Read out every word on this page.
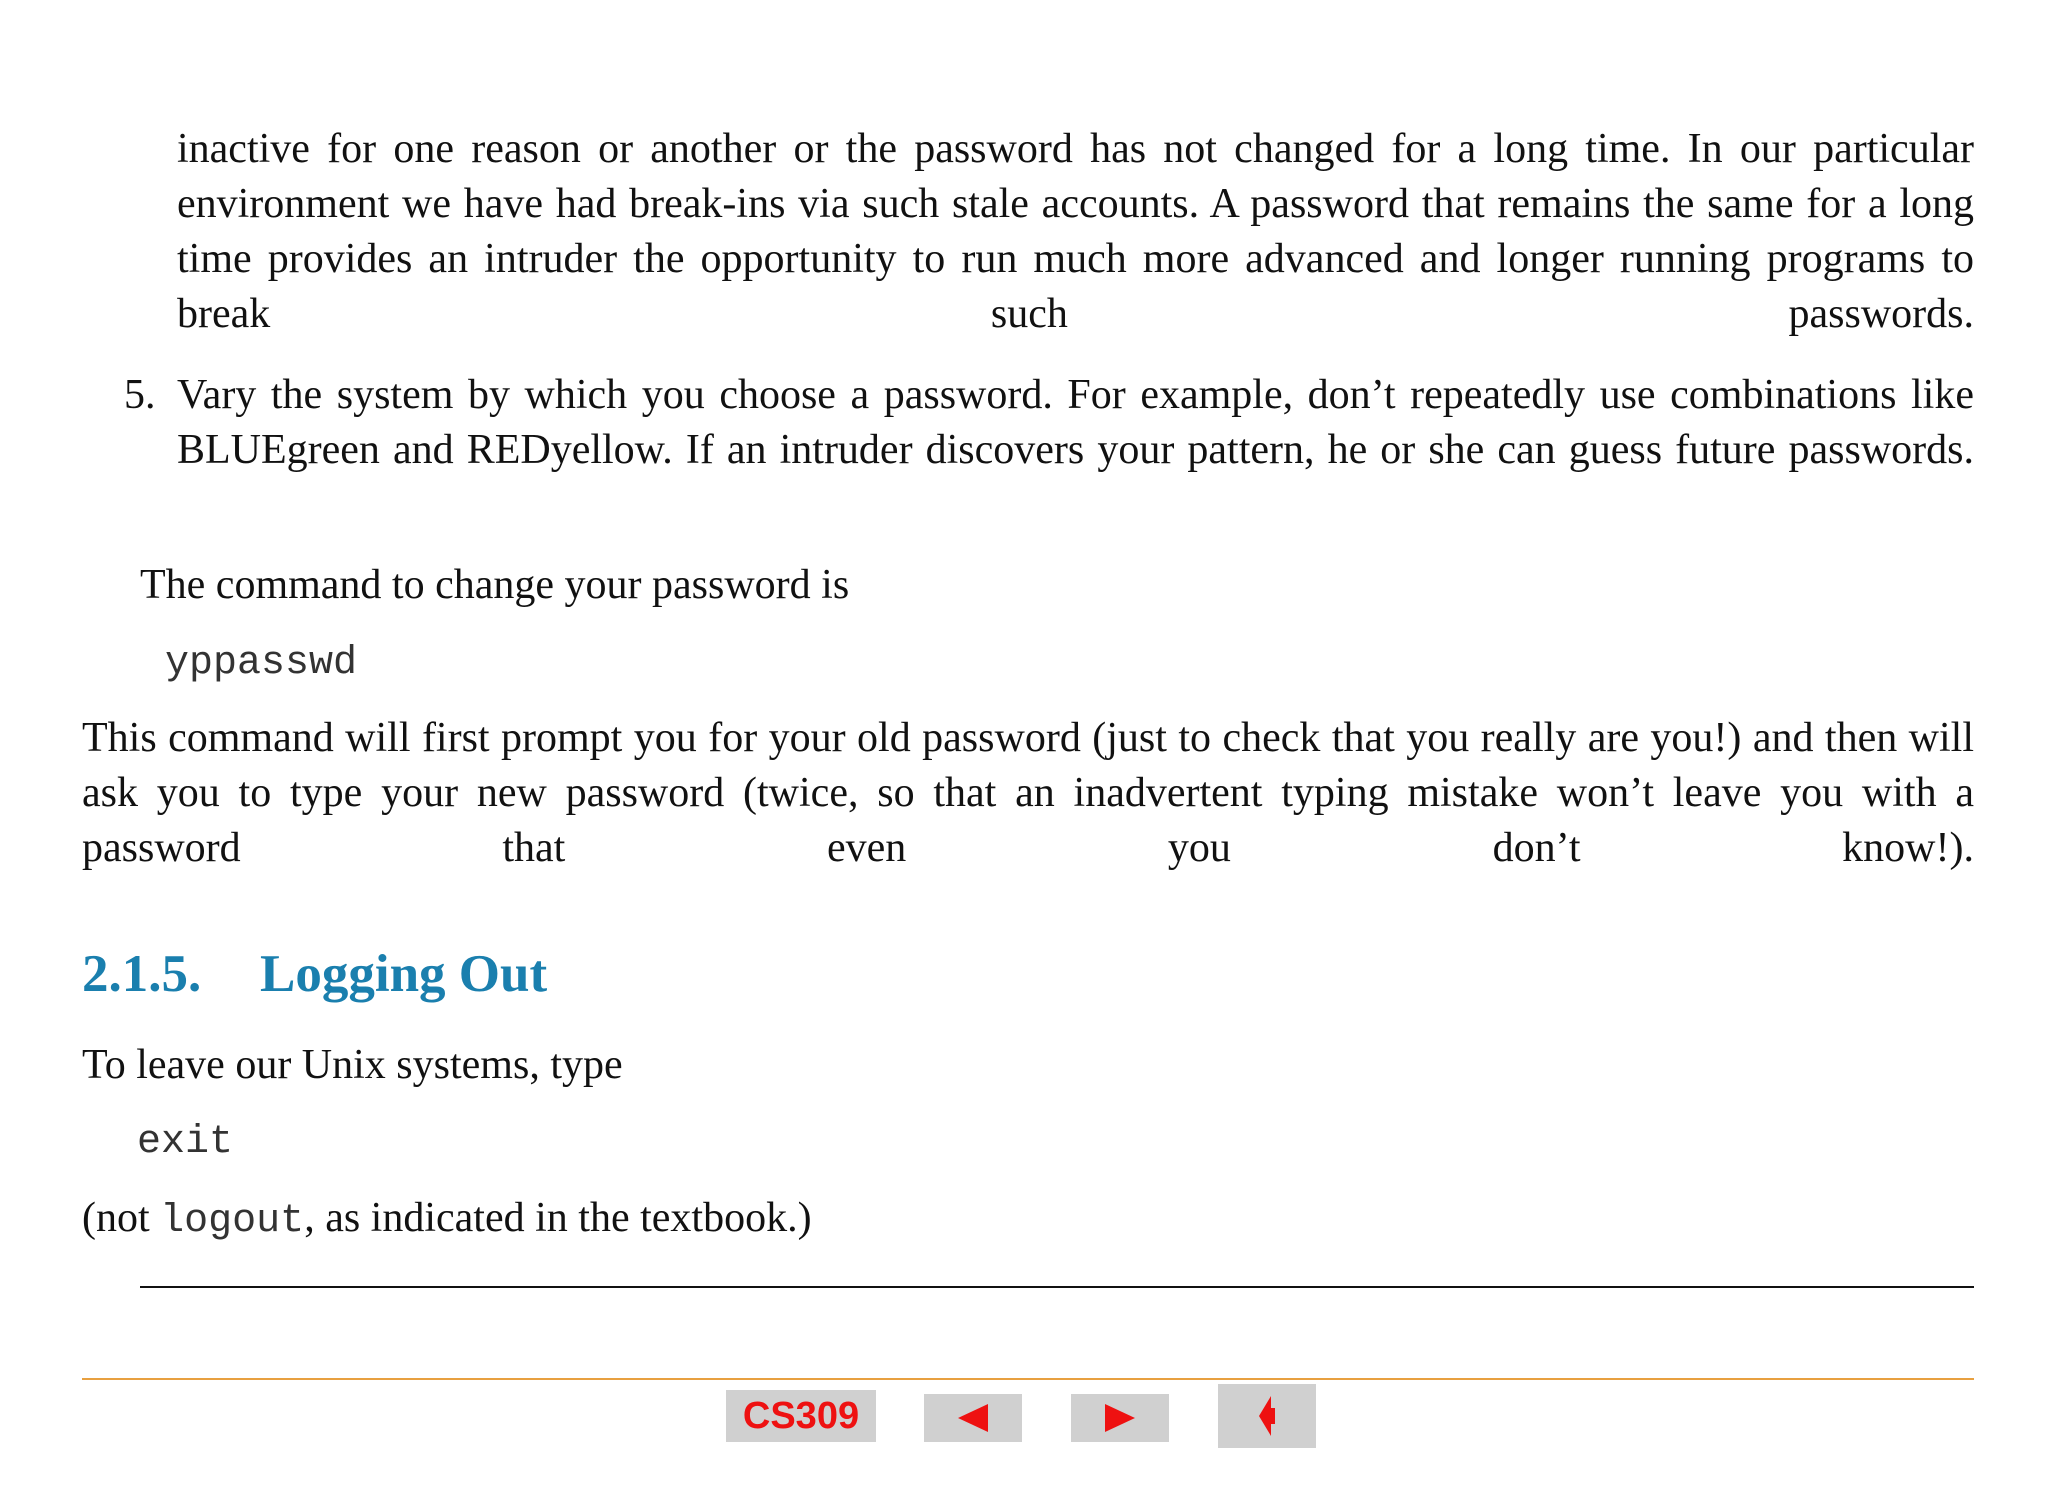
inactive for one reason or another or the password has not changed for a long time. In our particular environment we have had break-ins via such stale accounts. A password that remains the same for a long time provides an intruder the opportunity to run much more advanced and longer running programs to break such passwords.

5. Vary the system by which you choose a password. For example, don’t repeatedly use combinations like BLUEgreen and REDyellow. If an intruder discovers your pattern, he or she can guess future passwords.

The command to change your password is

yppasswd

This command will first prompt you for your old password (just to check that you really are you!) and then will ask you to type your new password (twice, so that an inadvertent typing mistake won’t leave you with a password that even you don’t know!).

2.1.5. Logging Out

To leave our Unix systems, type

exit

(not logout, as indicated in the textbook.)

CS309
